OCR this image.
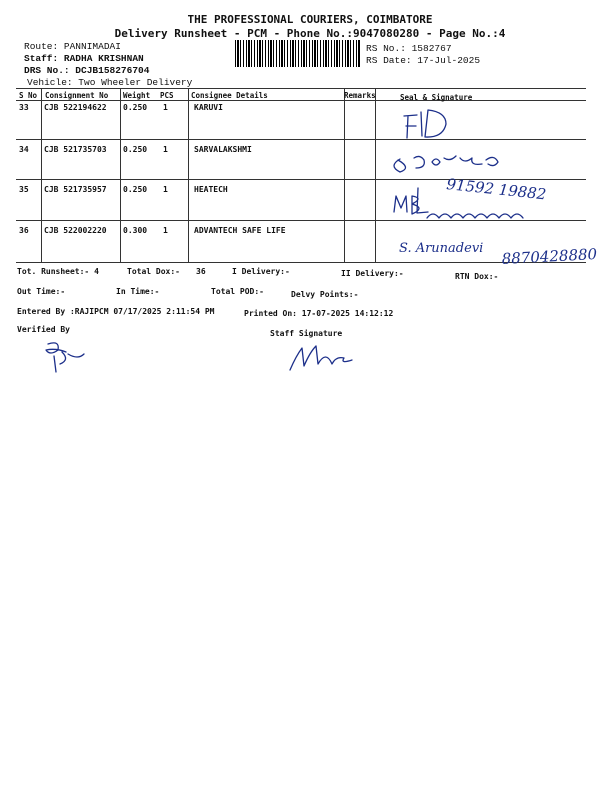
THE PROFESSIONAL COURIERS, COIMBATORE
Delivery Runsheet - PCM - Phone No.:9047080280 - Page No.:4
Route: PANNIMADAI
Staff: RADHA KRISHNAN
DRS No.: DCJB158276704
Vehicle: Two Wheeler Delivery
RS No.: 1582767
RS Date: 17-Jul-2025
S No Consignment No Weight PCS Consignee Details	Remarks	Seal & Signature
33 CJB 522194622 0.250 1	KARUVI
34 CJB 521735703 0.250 1	SARVALAKSHMI
35 CJB 521735957 0.250 1	HEATECH
36 CJB 522002220 0.300 1	ADVANTECH SAFE LIFE
91592 19882
S. Arunadevi 8870428880
Tot. Runsheet:- 4	Total Dox:- 36	I Delivery:-	II Delivery:-	RTN Dox:-
Out Time:-	In Time:-	Total POD:-	Delvy Points:-
Entered By :RAJIPCM 07/17/2025 2:11:54 PM	Printed On: 17-07-2025 14:12:12
Verified By	Staff Signature
